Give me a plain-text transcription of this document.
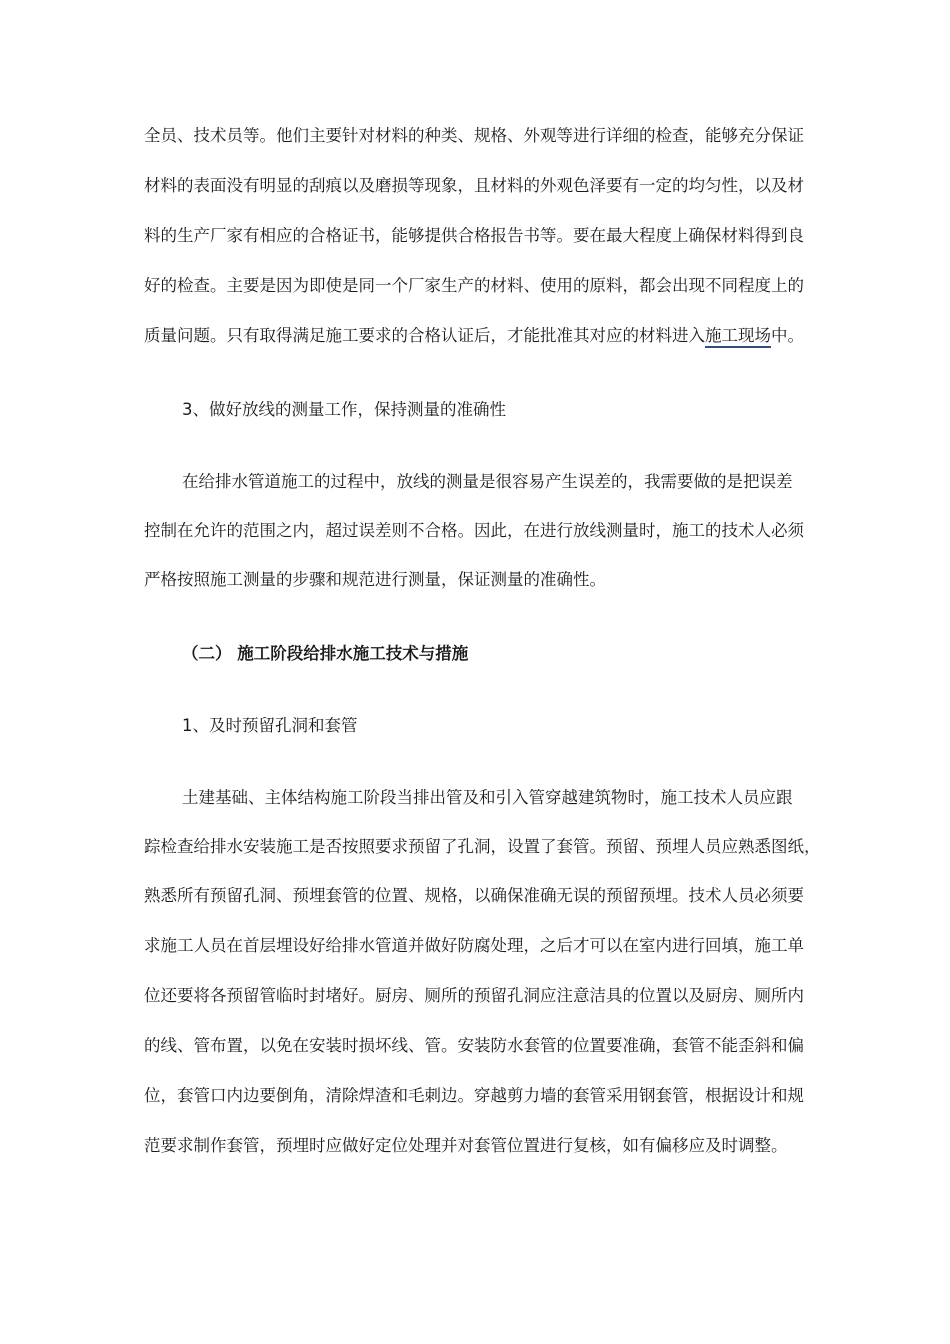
全员、技术员等。他们主要针对材料的种类、规格、外观等进行详细的检查，能够充分保证
材料的表面没有明显的刮痕以及磨损等现象，且材料的外观色泽要有一定的均匀性，以及材
料的生产厂家有相应的合格证书，能够提供合格报告书等。要在最大程度上确保材料得到良
好的检查。主要是因为即使是同一个厂家生产的材料、使用的原料，都会出现不同程度上的
质量问题。只有取得满足施工要求的合格认证后，才能批准其对应的材料进入施工现场中。
3、做好放线的测量工作，保持测量的准确性
在给排水管道施工的过程中，放线的测量是很容易产生误差的，我需要做的是把误差
控制在允许的范围之内，超过误差则不合格。因此，在进行放线测量时，施工的技术人必须
严格按照施工测量的步骤和规范进行测量，保证测量的准确性。
（二） 施工阶段给排水施工技术与措施
1、及时预留孔洞和套管
土建基础、主体结构施工阶段当排出管及和引入管穿越建筑物时，施工技术人员应跟
踪检查给排水安装施工是否按照要求预留了孔洞，设置了套管。预留、预埋人员应熟悉图纸，
熟悉所有预留孔洞、预埋套管的位置、规格，以确保准确无误的预留预埋。技术人员必须要
求施工人员在首层埋设好给排水管道并做好防腐处理，之后才可以在室内进行回填，施工单
位还要将各预留管临时封堵好。厨房、厕所的预留孔洞应注意洁具的位置以及厨房、厕所内
的线、管布置，以免在安装时损坏线、管。安装防水套管的位置要准确，套管不能歪斜和偏
位，套管口内边要倒角，清除焊渣和毛刺边。穿越剪力墙的套管采用钢套管，根据设计和规
范要求制作套管，预埋时应做好定位处理并对套管位置进行复核，如有偏移应及时调整。
